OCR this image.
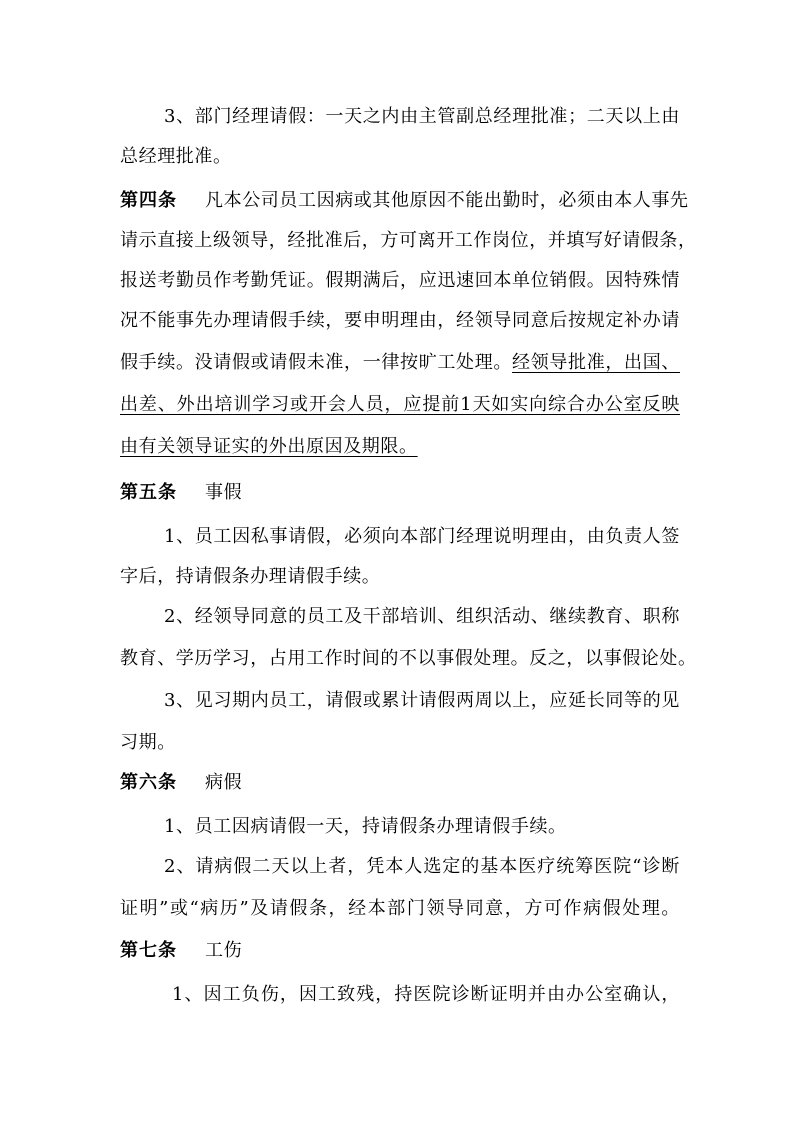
3、部门经理请假：一天之内由主管副总经理批准；二天以上由
总经理批准。
第四条 凡本公司员工因病或其他原因不能出勤时，必须由本人事先
请示直接上级领导，经批准后，方可离开工作岗位，并填写好请假条，
报送考勤员作考勤凭证。假期满后，应迅速回本单位销假。因特殊情
况不能事先办理请假手续，要申明理由，经领导同意后按规定补办请
假手续。没请假或请假未准，一律按旷工处理。经领导批准，出国、
出差、外出培训学习或开会人员，应提前1天如实向综合办公室反映
由有关领导证实的外出原因及期限。
第五条 事假
1、员工因私事请假，必须向本部门经理说明理由，由负责人签
字后，持请假条办理请假手续。
2、经领导同意的员工及干部培训、组织活动、继续教育、职称
教育、学历学习，占用工作时间的不以事假处理。反之，以事假论处。
3、见习期内员工，请假或累计请假两周以上，应延长同等的见
习期。
第六条 病假
1、员工因病请假一天，持请假条办理请假手续。
2、请病假二天以上者，凭本人选定的基本医疗统筹医院“诊断
证明”或“病历”及请假条，经本部门领导同意，方可作病假处理。
第七条 工伤
1、因工负伤，因工致残，持医院诊断证明并由办公室确认，
